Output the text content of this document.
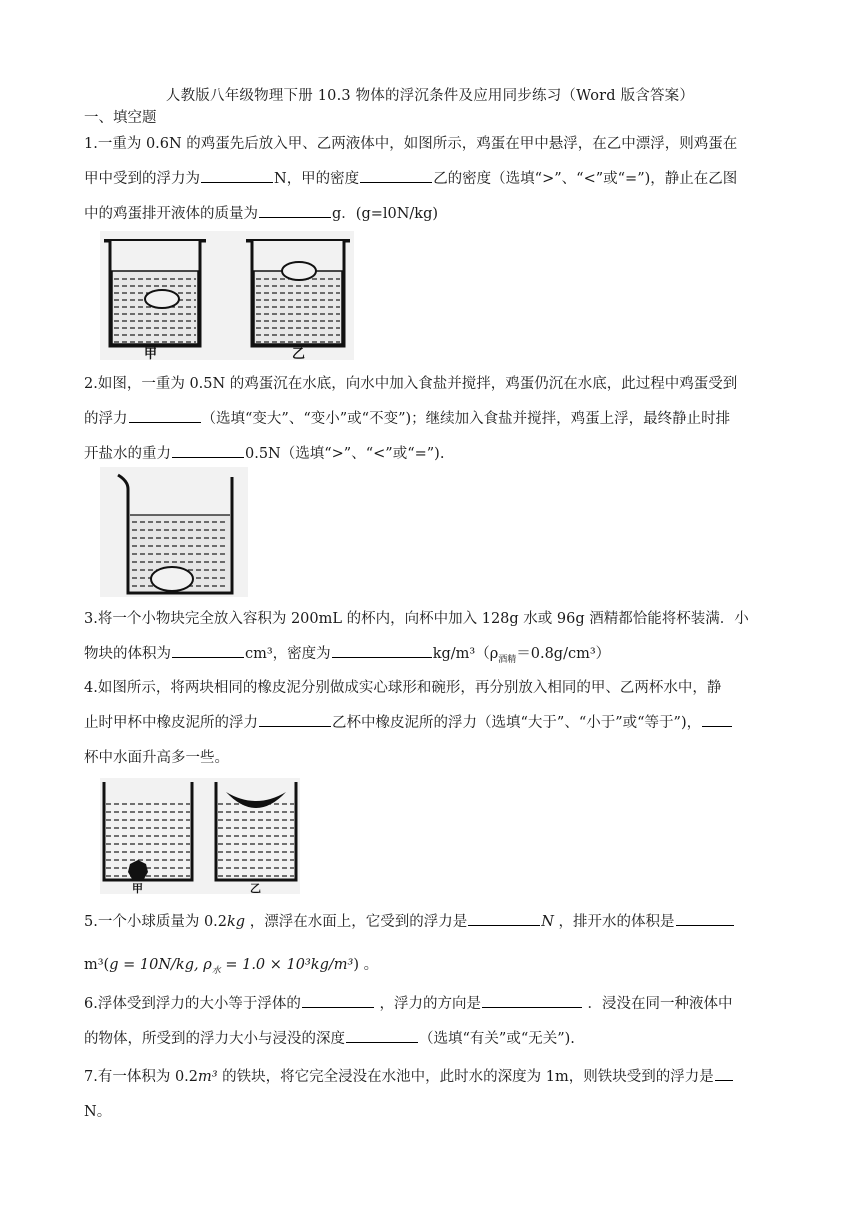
人教版八年级物理下册 10.3 物体的浮沉条件及应用同步练习（Word 版含答案）
一、填空题
1.一重为 0.6N 的鸡蛋先后放入甲、乙两液体中，如图所示，鸡蛋在甲中悬浮，在乙中漂浮，则鸡蛋在
甲中受到的浮力为	N，甲的密度	乙的密度（选填“>”、“<”或“=”)，静止在乙图
中的鸡蛋排开液体的质量为	g．(g=l0N/kg)
甲	乙
2.如图，一重为 0.5N 的鸡蛋沉在水底，向水中加入食盐并搅拌，鸡蛋仍沉在水底，此过程中鸡蛋受到
的浮力	（选填“变大”、“变小”或“不变”)；继续加入食盐并搅拌，鸡蛋上浮，最终静止时排
开盐水的重力	0.5N（选填“>”、“<”或“=”).
3.将一个小物块完全放入容积为 200mL 的杯内，向杯中加入 128g 水或 96g 酒精都恰能将杯装满．小
物块的体积为	cm³，密度为	$kg/m^3(\rho_{酒精}=0.8g/cm^3)$
4.如图所示，将两块相同的橡皮泥分别做成实心球形和碗形，再分别放入相同的甲、乙两杯水中，静
止时甲杯中橡皮泥所的浮力	乙杯中橡皮泥所的浮力（选填“大于”、“小于”或“等于”)，
杯中水面升高多一些。
甲	乙
5.一个小球质量为 0.2kg ，漂浮在水面上，它受到的浮力是	N ，排开水的体积是
m³(g = 10N/kg, $\rho_水 = 1.0 \times 10^3kg/m^3$) 。
6.浮体受到浮力的大小等于浮体的	，浮力的方向是	．浸没在同一种液体中
的物体，所受到的浮力大小与浸没的深度	（选填“有关”或“无关”).
7.有一体积为 0.2m³ 的铁块，将它完全浸没在水池中，此时水的深度为 1m，则铁块受到的浮力是
N。
